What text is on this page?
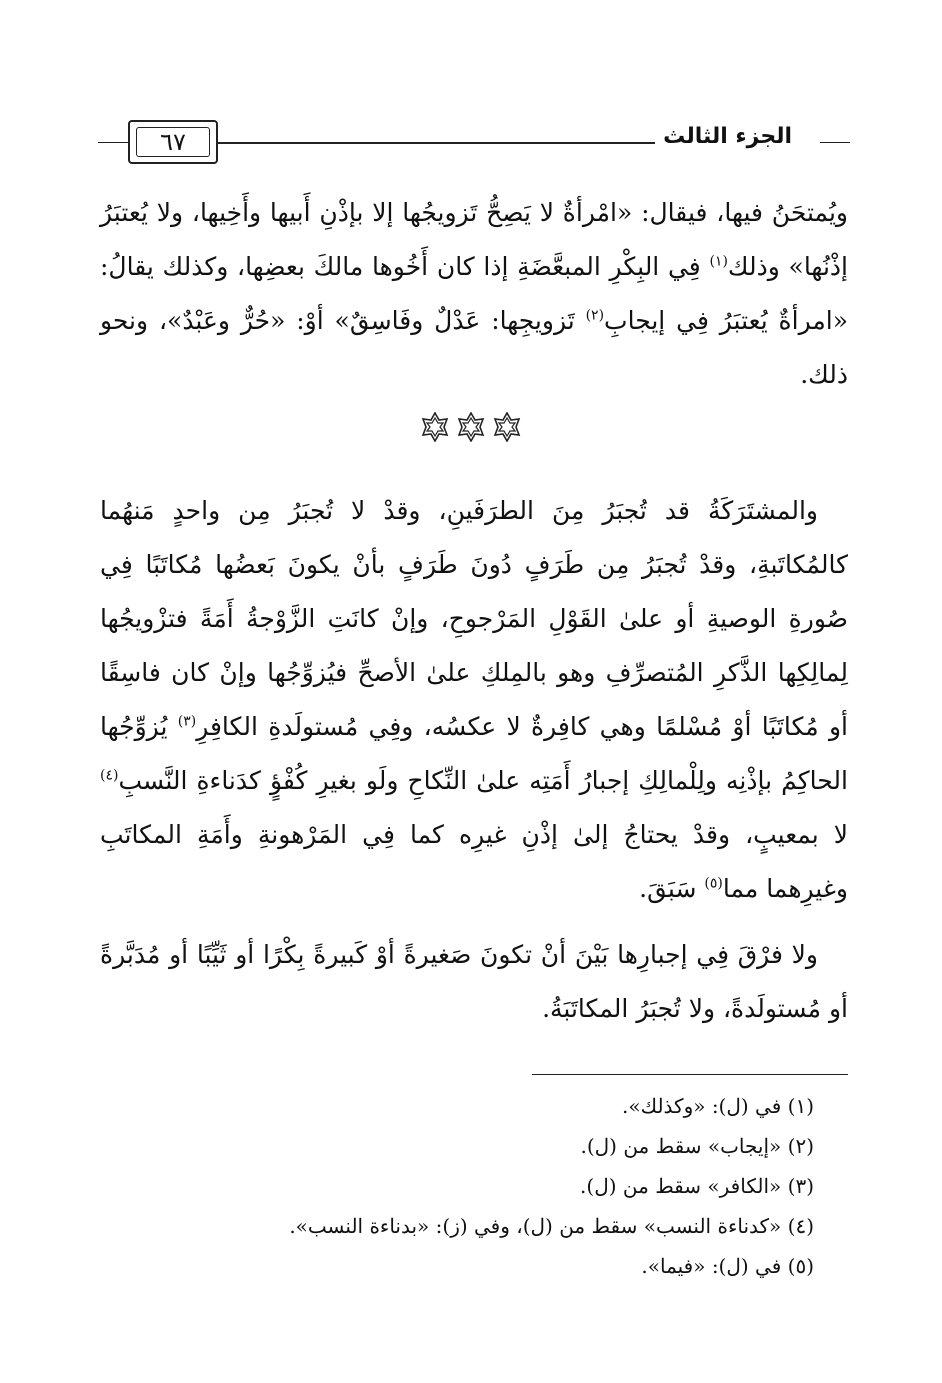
٦٧	الجزء الثالث

ويُمتحَنُ فيها، فيقال: «امْرأةٌ لا يَصِحُّ تَزويجُها إلا بإذْنِ أَبيها وأَخِيها، ولا يُعتبَرُ إذْنُها» وذلك$^{(١)}$ فِي البِكْرِ المبعَّضَةِ إذا كان أَخُوها مالكَ بعضِها، وكذلك يقالُ: «امرأةٌ يُعتبَرُ فِي إيجابِ$^{(٢)}$ تَزويجِها: عَدْلٌ وفَاسِقٌ» أوْ: «حُرٌّ وعَبْدٌ»، ونحو ذلك.

والمشتَرَكَةُ قد تُجبَرُ مِنَ الطرَفَينِ، وقدْ لا تُجبَرُ مِن واحدٍ مَنهُما كالمُكاتَبةِ، وقدْ تُجبَرُ مِن طَرَفٍ دُونَ طَرَفٍ بأنْ يكونَ بَعضُها مُكاتَبًا فِي صُورةِ الوصيةِ أو علىٰ القَوْلِ المَرْجوحِ، وإنْ كانَتِ الزَّوْجةُ أَمَةً فتزْويجُها لِمالِكِها الذَّكرِ المُتصرِّفِ وهو بالمِلكِ علىٰ الأصحِّ فيُزوِّجُها وإنْ كان فاسِقًا أو مُكاتَبًا أوْ مُسْلمًا وهي كافِرةٌ لا عكسُه، وفِي مُستولَدةِ الكافِرِ$^{(٣)}$ يُزوِّجُها الحاكِمُ بإذْنِه ولِلْمالِكِ إجبارُ أَمَتِه علىٰ النِّكاحِ ولَو بغيرِ كُفْؤٍ كدَناءةِ النَّسبِ$^{(٤)}$ لا بمعيبٍ، وقدْ يحتاجُ إلىٰ إذْنِ غيرِه كما فِي المَرْهونةِ وأَمَةِ المكاتَبِ وغيرِهما مما$^{(٥)}$ سَبَقَ.

ولا فرْقَ فِي إجبارِها بَيْنَ أنْ تكونَ صَغيرةً أوْ كَبيرةً بِكْرًا أو ثَيِّبًا أو مُدَبَّرةً أو مُستولَدةً، ولا تُجبَرُ المكاتَبَةُ.

(١) في (ل): «وكذلك».
(٢) «إيجاب» سقط من (ل).
(٣) «الكافر» سقط من (ل).
(٤) «كدناءة النسب» سقط من (ل)، وفي (ز): «بدناءة النسب».
(٥) في (ل): «فيما».
